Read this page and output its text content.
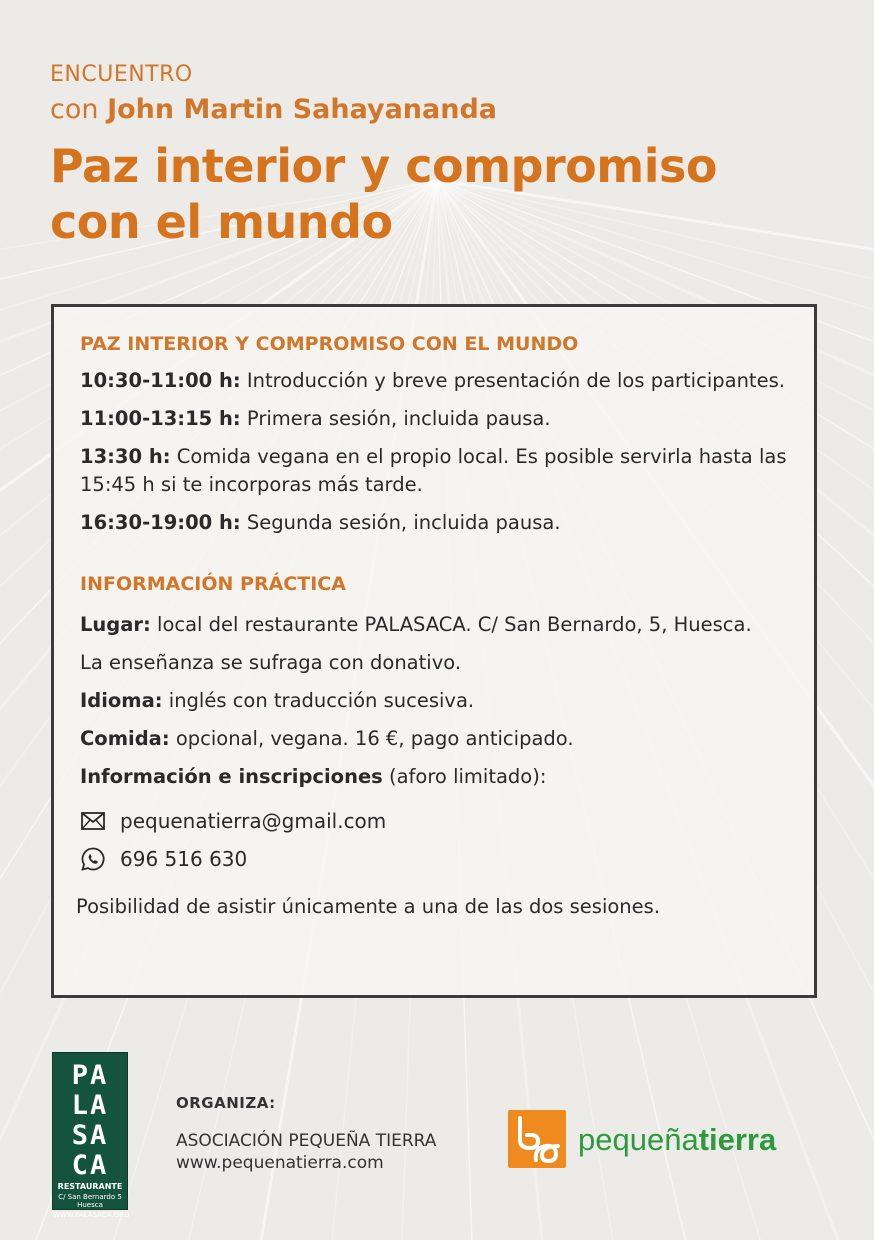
ENCUENTRO
con John Martin Sahayananda
Paz interior y compromiso
con el mundo
PAZ INTERIOR Y COMPROMISO CON EL MUNDO
10:30-11:00 h: Introducción y breve presentación de los participantes.
11:00-13:15 h: Primera sesión, incluida pausa.
13:30 h: Comida vegana en el propio local. Es posible servirla hasta las 15:45 h si te incorporas más tarde.
16:30-19:00 h: Segunda sesión, incluida pausa.
INFORMACIÓN PRÁCTICA
Lugar: local del restaurante PALASACA. C/ San Bernardo, 5, Huesca.
La enseñanza se sufraga con donativo.
Idioma: inglés con traducción sucesiva.
Comida: opcional, vegana. 16 €, pago anticipado.
Información e inscripciones (aforo limitado):
pequenatierra@gmail.com
696 516 630
Posibilidad de asistir únicamente a una de las dos sesiones.
PA
LA
SA
CA
RESTAURANTE
C/ San Bernardo 5 Huesca
WWW.PALASACA.ORG
ORGANIZA:
ASOCIACIÓN PEQUEÑA TIERRA
www.pequenatierra.com
pequeñatierra
